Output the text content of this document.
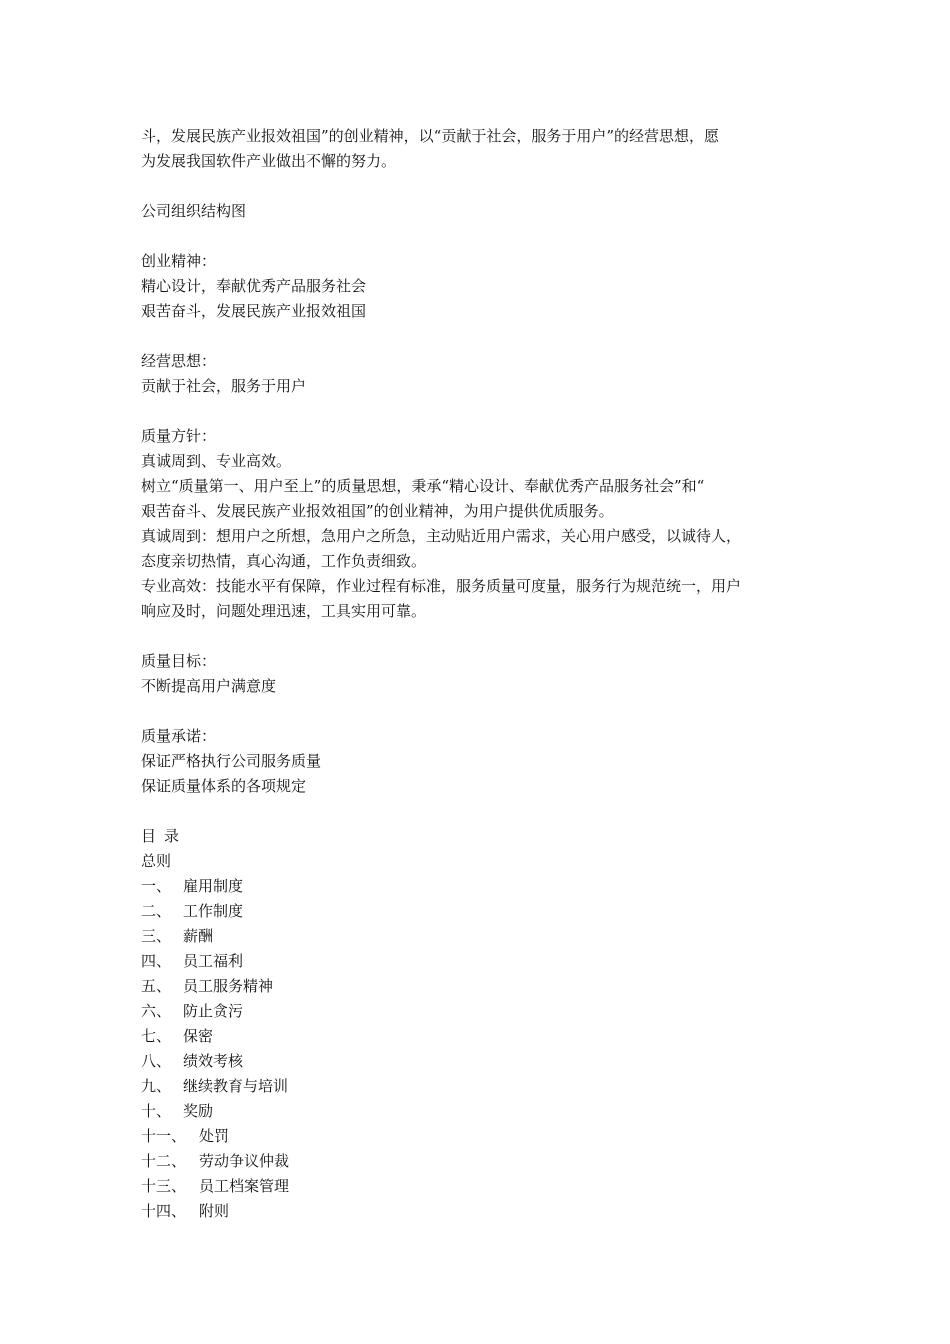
斗，发展民族产业报效祖国”的创业精神，以“贡献于社会，服务于用户”的经营思想，愿
为发展我国软件产业做出不懈的努力。
公司组织结构图
创业精神：
精心设计，奉献优秀产品服务社会
艰苦奋斗，发展民族产业报效祖国
经营思想：
贡献于社会，服务于用户
质量方针：
真诚周到、专业高效。
树立“质量第一、用户至上”的质量思想，秉承“精心设计、奉献优秀产品服务社会”和“
艰苦奋斗、发展民族产业报效祖国”的创业精神，为用户提供优质服务。
真诚周到：想用户之所想，急用户之所急，主动贴近用户需求，关心用户感受，以诚待人，
态度亲切热情，真心沟通，工作负责细致。
专业高效：技能水平有保障，作业过程有标准，服务质量可度量，服务行为规范统一，用户
响应及时，问题处理迅速，工具实用可靠。
质量目标：
不断提高用户满意度
质量承诺：
保证严格执行公司服务质量
保证质量体系的各项规定
目录
总则
一、 雇用制度
二、 工作制度
三、 薪酬
四、 员工福利
五、 员工服务精神
六、 防止贪污
七、 保密
八、 绩效考核
九、 继续教育与培训
十、 奖励
十一、 处罚
十二、 劳动争议仲裁
十三、 员工档案管理
十四、 附则
